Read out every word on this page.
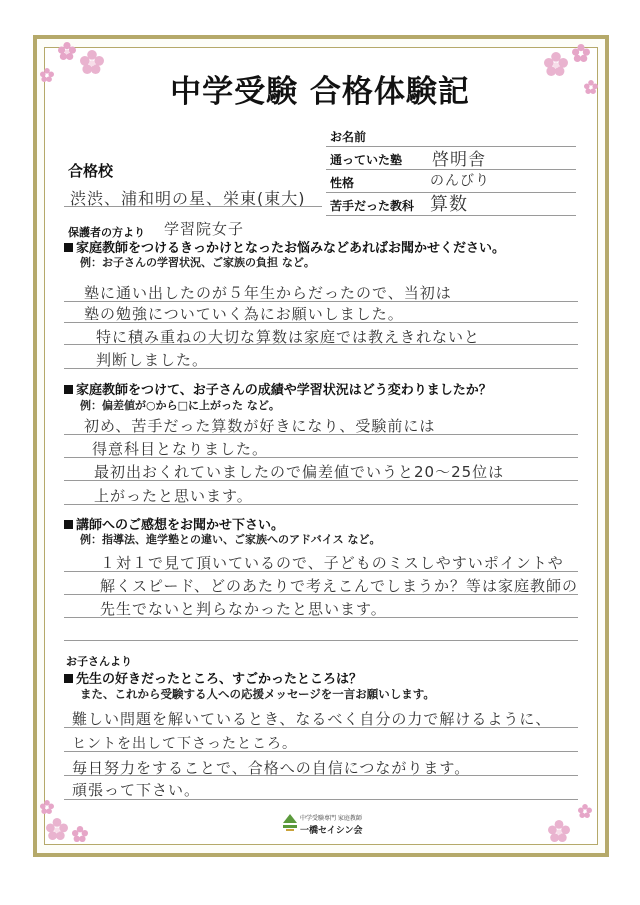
中学受験 合格体験記
お名前
通っていた塾 啓明舎
性格	のんびり
苦手だった教科 算数
合格校
渋渋、浦和明の星、栄東(東大)
保護者の方より 学習院女子
家庭教師をつけるきっかけとなったお悩みなどあればお聞かせください。
例：お子さんの学習状況、ご家族の負担 など。
塾に通い出したのが５年生からだったので、当初は
塾の勉強についていく為にお願いしました。
特に積み重ねの大切な算数は家庭では教えきれないと
判断しました。
家庭教師をつけて、お子さんの成績や学習状況はどう変わりましたか？
例：偏差値が○から□に上がった など。
初め、苦手だった算数が好きになり、受験前には
得意科目となりました。
最初出おくれていましたので偏差値でいうと20〜25位は
上がったと思います。
講師へのご感想をお聞かせ下さい。
例：指導法、進学塾との違い、ご家族へのアドバイス など。
１対１で見て頂いているので、子どものミスしやすいポイントや
解くスピード、どのあたりで考えこんでしまうか？等は家庭教師の
先生でないと判らなかったと思います。
お子さんより
先生の好きだったところ、すごかったところは？
また、これから受験する人への応援メッセージを一言お願いします。
難しい問題を解いているとき、なるべく自分の力で解けるように、
ヒントを出して下さったところ。
毎日努力をすることで、合格への自信につながります。
頑張って下さい。
中学受験専門 家庭教師
一橋セイシン会
